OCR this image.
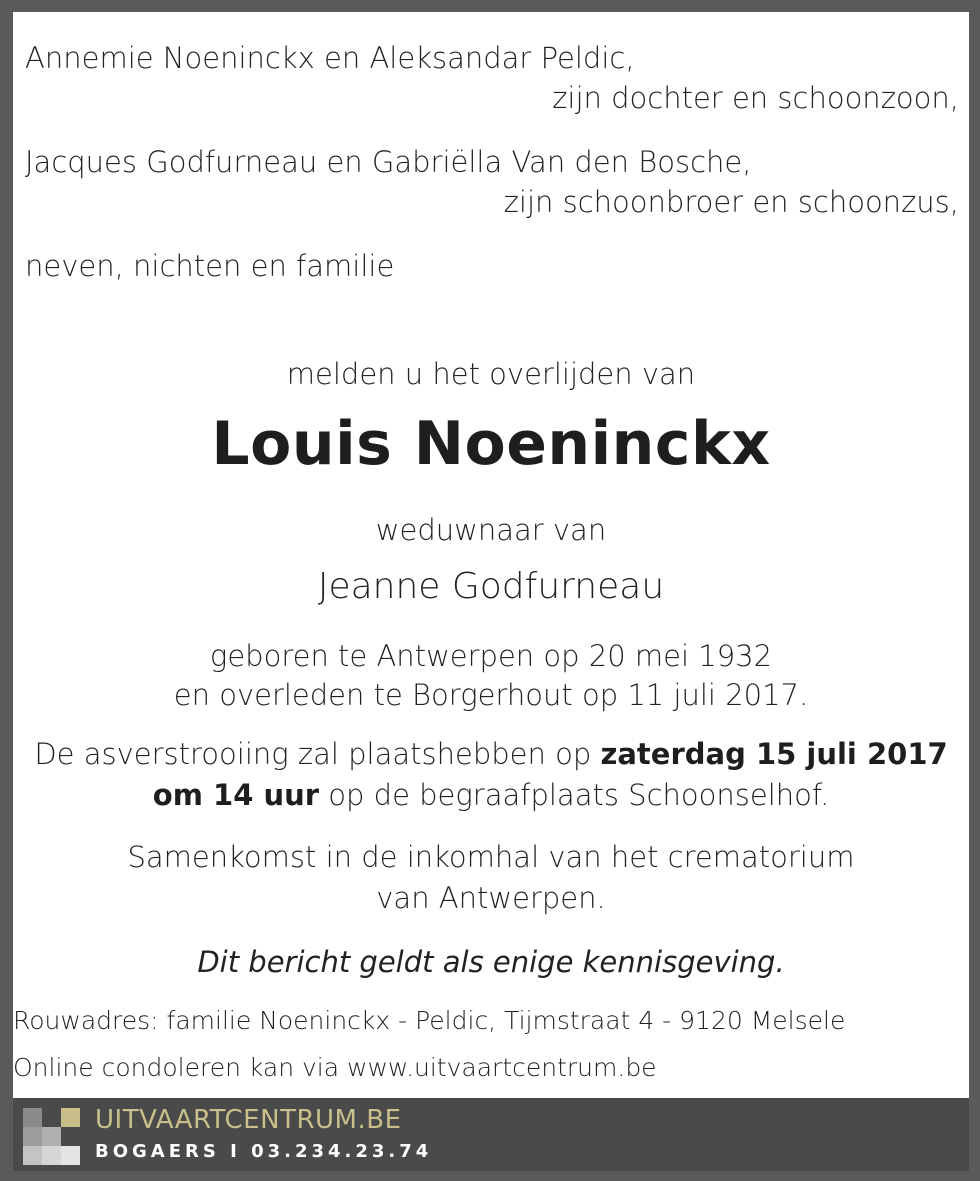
Annemie Noeninckx en Aleksandar Peldic,
zijn dochter en schoonzoon,
Jacques Godfurneau en Gabriëlla Van den Bosche,
zijn schoonbroer en schoonzus,
neven, nichten en familie
melden u het overlijden van
Louis Noeninckx
weduwnaar van
Jeanne Godfurneau
geboren te Antwerpen op 20 mei 1932
en overleden te Borgerhout op 11 juli 2017.
De asverstrooiing zal plaatshebben op zaterdag 15 juli 2017
om 14 uur op de begraafplaats Schoonselhof.
Samenkomst in de inkomhal van het crematorium
van Antwerpen.
Dit bericht geldt als enige kennisgeving.
Rouwadres: familie Noeninckx - Peldic, Tijmstraat 4 - 9120 Melsele
Online condoleren kan via www.uitvaartcentrum.be
UITVAARTCENTRUM.BE
BOGAERS I 03.234.23.74
